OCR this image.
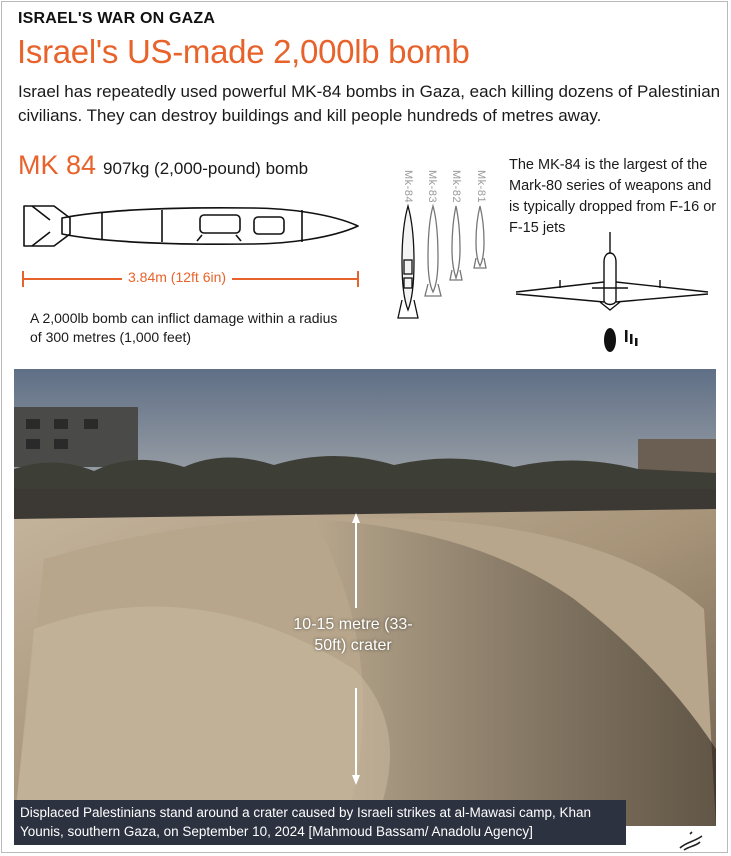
ISRAEL'S WAR ON GAZA
Israel's US-made 2,000lb bomb
Israel has repeatedly used powerful MK-84 bombs in Gaza, each killing dozens of Palestinian civilians. They can destroy buildings and kill people hundreds of metres away.
MK 84 907kg (2,000-pound) bomb
3.84m (12ft 6in)
A 2,000lb bomb can inflict damage within a radius of 300 metres (1,000 feet)
Mk-84 Mk-83 Mk-82 Mk-81
The MK-84 is the largest of the Mark-80 series of weapons and is typically dropped from F-16 or F-15 jets
10-15 metre (33-50ft) crater
Displaced Palestinians stand around a crater caused by Israeli strikes at al-Mawasi camp, Khan Younis, southern Gaza, on September 10, 2024 [Mahmoud Bassam/ Anadolu Agency]
